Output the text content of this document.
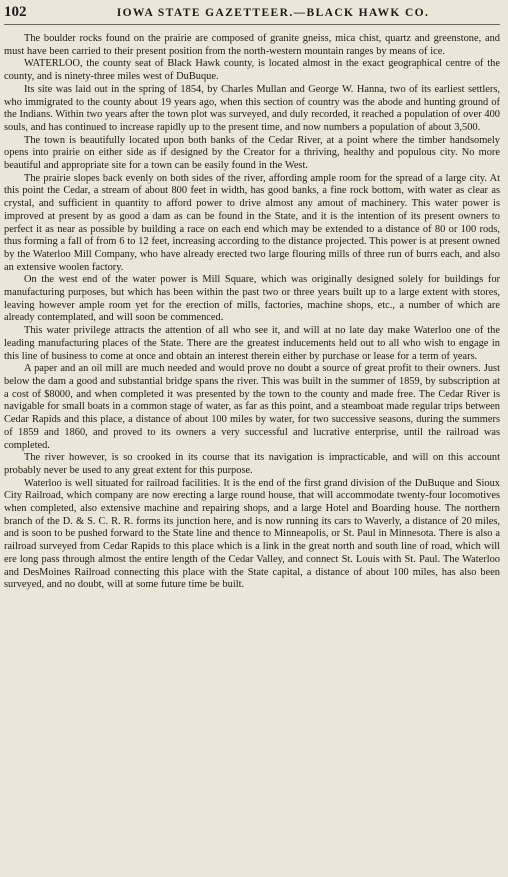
102	IOWA STATE GAZETTEER.—BLACK HAWK CO.

The boulder rocks found on the prairie are composed of granite gneiss, mica chist, quartz and greenstone, and must have been carried to their present position from the north-western mountain ranges by means of ice.

WATERLOO, the county seat of Black Hawk county, is located almost in the exact geographical centre of the county, and is ninety-three miles west of DuBuque.

Its site was laid out in the spring of 1854, by Charles Mullan and George W. Hanna, two of its earliest settlers, who immigrated to the county about 19 years ago, when this section of country was the abode and hunting ground of the Indians. Within two years after the town plot was surveyed, and duly recorded, it reached a population of over 400 souls, and has continued to increase rapidly up to the present time, and now numbers a population of about 3,500.

The town is beautifully located upon both banks of the Cedar River, at a point where the timber handsomely opens into prairie on either side as if designed by the Creator for a thriving, healthy and populous city. No more beautiful and appropriate site for a town can be easily found in the West.

The prairie slopes back evenly on both sides of the river, affording ample room for the spread of a large city. At this point the Cedar, a stream of about 800 feet in width, has good banks, a fine rock bottom, with water as clear as crystal, and sufficient in quantity to afford power to drive almost any amout of machinery. This water power is improved at present by as good a dam as can be found in the State, and it is the intention of its present owners to perfect it as near as possible by building a race on each end which may be extended to a distance of 80 or 100 rods, thus forming a fall of from 6 to 12 feet, increasing according to the distance projected. This power is at present owned by the Waterloo Mill Company, who have already erected two large flouring mills of three run of burrs each, and also an extensive woolen factory.

On the west end of the water power is Mill Square, which was originally designed solely for buildings for manufacturing purposes, but which has been within the past two or three years built up to a large extent with stores, leaving however ample room yet for the erection of mills, factories, machine shops, etc., a number of which are already contemplated, and will soon be commenced.

This water privilege attracts the attention of all who see it, and will at no late day make Waterloo one of the leading manufacturing places of the State. There are the greatest inducements held out to all who wish to engage in this line of business to come at once and obtain an interest therein either by purchase or lease for a term of years.

A paper and an oil mill are much needed and would prove no doubt a source of great profit to their owners. Just below the dam a good and substantial bridge spans the river. This was built in the summer of 1859, by subscription at a cost of $8000, and when completed it was presented by the town to the county and made free. The Cedar River is navigable for small boats in a common stage of water, as far as this point, and a steamboat made regular trips between Cedar Rapids and this place, a distance of about 100 miles by water, for two successive seasons, during the summers of 1859 and 1860, and proved to its owners a very successful and lucrative enterprise, until the railroad was completed.

The river however, is so crooked in its course that its navigation is impracticable, and will on this account probably never be used to any great extent for this purpose.

Waterloo is well situated for railroad facilities. It is the end of the first grand division of the DuBuque and Sioux City Railroad, which company are now erecting a large round house, that will accommodate twenty-four locomotives when completed, also extensive machine and repairing shops, and a large Hotel and Boarding house. The northern branch of the D. & S. C. R. R. forms its junction here, and is now running its cars to Waverly, a distance of 20 miles, and is soon to be pushed forward to the State line and thence to Minneapolis, or St. Paul in Minnesota. There is also a railroad surveyed from Cedar Rapids to this place which is a link in the great north and south line of road, which will ere long pass through almost the entire length of the Cedar Valley, and connect St. Louis with St. Paul. The Waterloo and DesMoines Railroad connecting this place with the State capital, a distance of about 100 miles, has also been surveyed, and no doubt, will at some future time be built.
